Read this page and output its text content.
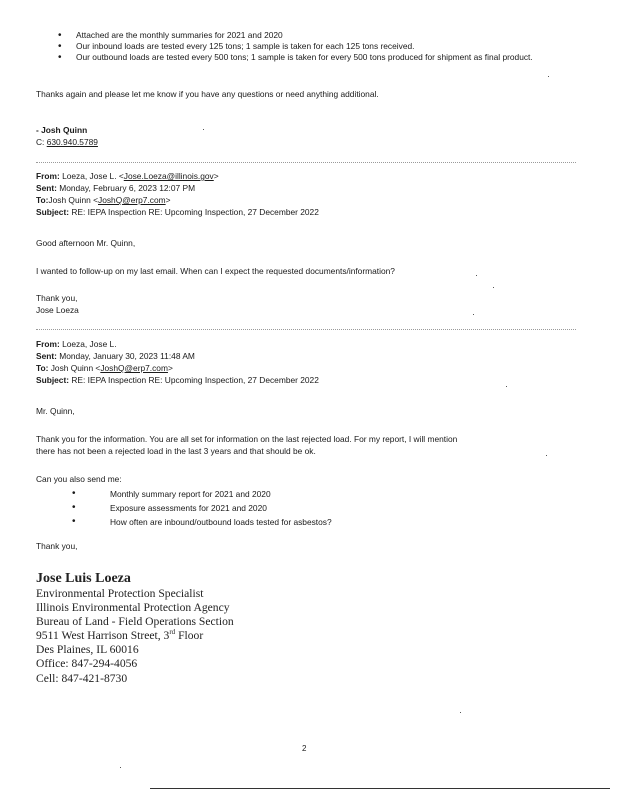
• Attached are the monthly summaries for 2021 and 2020
• Our inbound loads are tested every 125 tons; 1 sample is taken for each 125 tons received.
• Our outbound loads are tested every 500 tons; 1 sample is taken for every 500 tons produced for shipment as final product.
Thanks again and please let me know if you have any questions or need anything additional.
- Josh Quinn
C: 630.940.5789
From: Loeza, Jose L. <Jose.Loeza@illinois.gov>
Sent: Monday, February 6, 2023 12:07 PM
To:Josh Quinn <JoshQ@erp7.com>
Subject: RE: IEPA Inspection RE: Upcoming Inspection, 27 December 2022
Good afternoon Mr. Quinn,
I wanted to follow-up on my last email. When can I expect the requested documents/information?
Thank you,
Jose Loeza
From: Loeza, Jose L.
Sent: Monday, January 30, 2023 11:48 AM
To: Josh Quinn <JoshQ@erp7.com>
Subject: RE: IEPA Inspection RE: Upcoming Inspection, 27 December 2022
Mr. Quinn,
Thank you for the information. You are all set for information on the last rejected load. For my report, I will mention
there has not been a rejected load in the last 3 years and that should be ok.
Can you also send me:
•	Monthly summary report for 2021 and 2020
•	Exposure assessments for 2021 and 2020
•	How often are inbound/outbound loads tested for asbestos?
Thank you,
Jose Luis Loeza
Environmental Protection Specialist
Illinois Environmental Protection Agency
Bureau of Land - Field Operations Section
9511 West Harrison Street, 3rd Floor
Des Plaines, IL 60016
Office: 847-294-4056
Cell: 847-421-8730
2
